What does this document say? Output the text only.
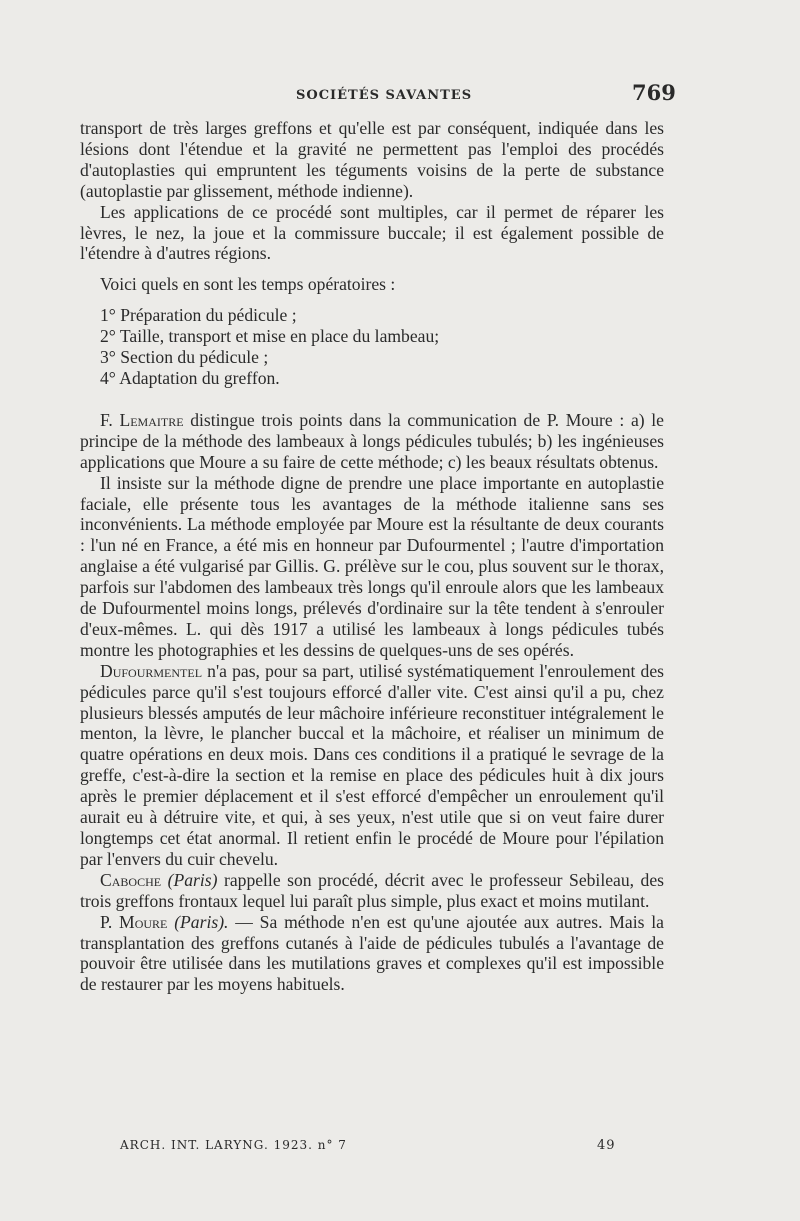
SOCIÉTÉS SAVANTES	769

transport de très larges greffons et qu'elle est par conséquent, indiquée dans les lésions dont l'étendue et la gravité ne permettent pas l'emploi des procédés d'autoplasties qui empruntent les téguments voisins de la perte de substance (autoplastie par glissement, méthode indienne).

Les applications de ce procédé sont multiples, car il permet de réparer les lèvres, le nez, la joue et la commissure buccale; il est également possible de l'étendre à d'autres régions.

Voici quels en sont les temps opératoires :

1° Préparation du pédicule ;
2° Taille, transport et mise en place du lambeau;
3° Section du pédicule ;
4° Adaptation du greffon.

F. Lemaitre distingue trois points dans la communication de P. Moure : a) le principe de la méthode des lambeaux à longs pédicules tubulés; b) les ingénieuses applications que Moure a su faire de cette méthode; c) les beaux résultats obtenus.

Il insiste sur la méthode digne de prendre une place importante en autoplastie faciale, elle présente tous les avantages de la méthode italienne sans ses inconvénients. La méthode employée par Moure est la résultante de deux courants : l'un né en France, a été mis en honneur par Dufourmentel ; l'autre d'importation anglaise a été vulgarisé par Gillis. G. prélève sur le cou, plus souvent sur le thorax, parfois sur l'abdomen des lambeaux très longs qu'il enroule alors que les lambeaux de Dufourmentel moins longs, prélevés d'ordinaire sur la tête tendent à s'enrouler d'eux-mêmes. L. qui dès 1917 a utilisé les lambeaux à longs pédicules tubés montre les photographies et les dessins de quelques-uns de ses opérés.

Dufourmentel n'a pas, pour sa part, utilisé systématiquement l'enroulement des pédicules parce qu'il s'est toujours efforcé d'aller vite. C'est ainsi qu'il a pu, chez plusieurs blessés amputés de leur mâchoire inférieure reconstituer intégralement le menton, la lèvre, le plancher buccal et la mâchoire, et réaliser un minimum de quatre opérations en deux mois. Dans ces conditions il a pratiqué le sevrage de la greffe, c'est-à-dire la section et la remise en place des pédicules huit à dix jours après le premier déplacement et il s'est efforcé d'empêcher un enroulement qu'il aurait eu à détruire vite, et qui, à ses yeux, n'est utile que si on veut faire durer longtemps cet état anormal. Il retient enfin le procédé de Moure pour l'épilation par l'envers du cuir chevelu.

Caboche (Paris) rappelle son procédé, décrit avec le professeur Sebileau, des trois greffons frontaux lequel lui paraît plus simple, plus exact et moins mutilant.

P. Moure (Paris). — Sa méthode n'en est qu'une ajoutée aux autres. Mais la transplantation des greffons cutanés à l'aide de pédicules tubulés a l'avantage de pouvoir être utilisée dans les mutilations graves et complexes qu'il est impossible de restaurer par les moyens habituels.

ARCH. INT. LARYNG. 1923. n° 7	49
